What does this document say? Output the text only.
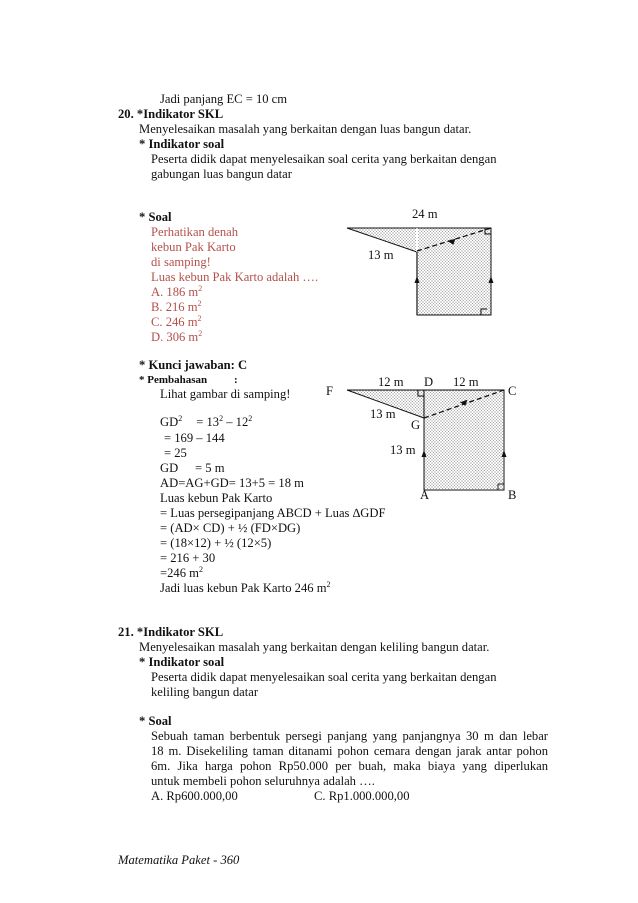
Jadi panjang EC = 10 cm
20. *Indikator SKL
Menyelesaikan masalah yang berkaitan dengan luas bangun datar.
* Indikator soal
Peserta didik dapat menyelesaikan soal cerita yang berkaitan dengan
gabungan luas bangun datar
* Soal
Perhatikan denah
kebun Pak Karto
di samping!
Luas kebun Pak Karto adalah ….
A. 186 $m^2$
B. 216 $m^2$
C. 246 $m^2$
D. 306 $m^2$
24 m
13 m
* Kunci jawaban: C
* Pembahasan :
Lihat gambar di samping!
$GD^2 = 13^2 - 12^2$
= 169 – 144
= 25
GD = 5 m
AD=AG+GD= 13+5 = 18 m
Luas kebun Pak Karto
= Luas persegipanjang ABCD + Luas ∆GDF
= (AD× CD) + ½ (FD×DG)
= (18×12) + ½ (12×5)
= 216 + 30
=246 $m^2$
Jadi luas kebun Pak Karto 246 $m^2$
F
D
C
G
A	B
12 m	12 m
13 m
13 m
21. *Indikator SKL
Menyelesaikan masalah yang berkaitan dengan keliling bangun datar.
* Indikator soal
Peserta didik dapat menyelesaikan soal cerita yang berkaitan dengan
keliling bangun datar
* Soal
Sebuah taman berbentuk persegi panjang yang panjangnya 30 m dan lebar
18 m. Disekeliling taman ditanami pohon cemara dengan jarak antar pohon
6m. Jika harga pohon Rp50.000 per buah, maka biaya yang diperlukan
untuk membeli pohon seluruhnya adalah ….
A. Rp600.000,00	C. Rp1.000.000,00
Matematika Paket - 360
